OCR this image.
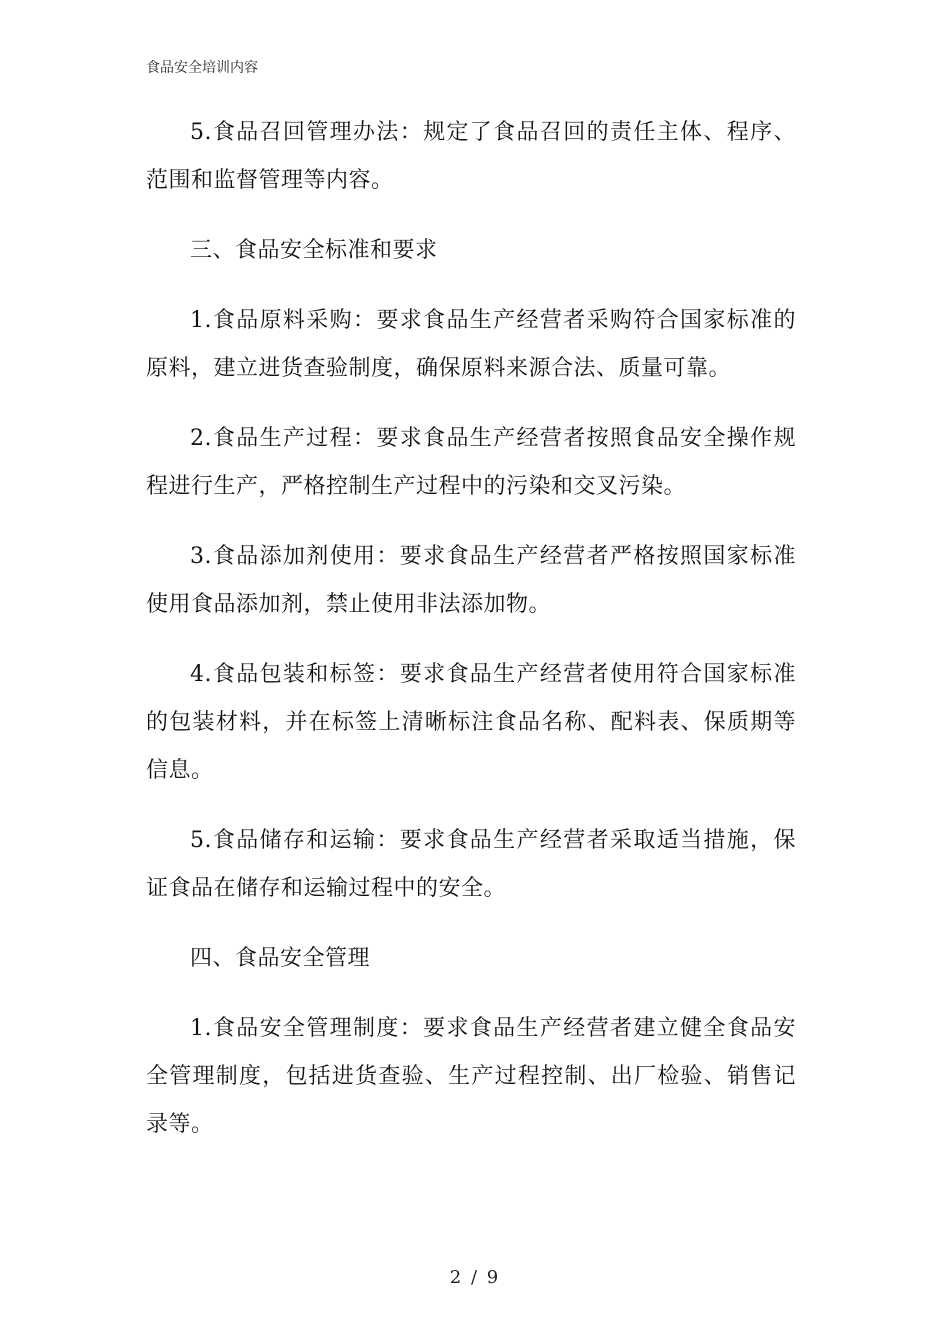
食品安全培训内容

5.食品召回管理办法：规定了食品召回的责任主体、程序、范围和监督管理等内容。

三、食品安全标准和要求

1.食品原料采购：要求食品生产经营者采购符合国家标准的原料，建立进货查验制度，确保原料来源合法、质量可靠。

2.食品生产过程：要求食品生产经营者按照食品安全操作规程进行生产，严格控制生产过程中的污染和交叉污染。

3.食品添加剂使用：要求食品生产经营者严格按照国家标准使用食品添加剂，禁止使用非法添加物。

4.食品包装和标签：要求食品生产经营者使用符合国家标准的包装材料，并在标签上清晰标注食品名称、配料表、保质期等信息。

5.食品储存和运输：要求食品生产经营者采取适当措施，保证食品在储存和运输过程中的安全。

四、食品安全管理

1.食品安全管理制度：要求食品生产经营者建立健全食品安全管理制度，包括进货查验、生产过程控制、出厂检验、销售记录等。

2 / 9
